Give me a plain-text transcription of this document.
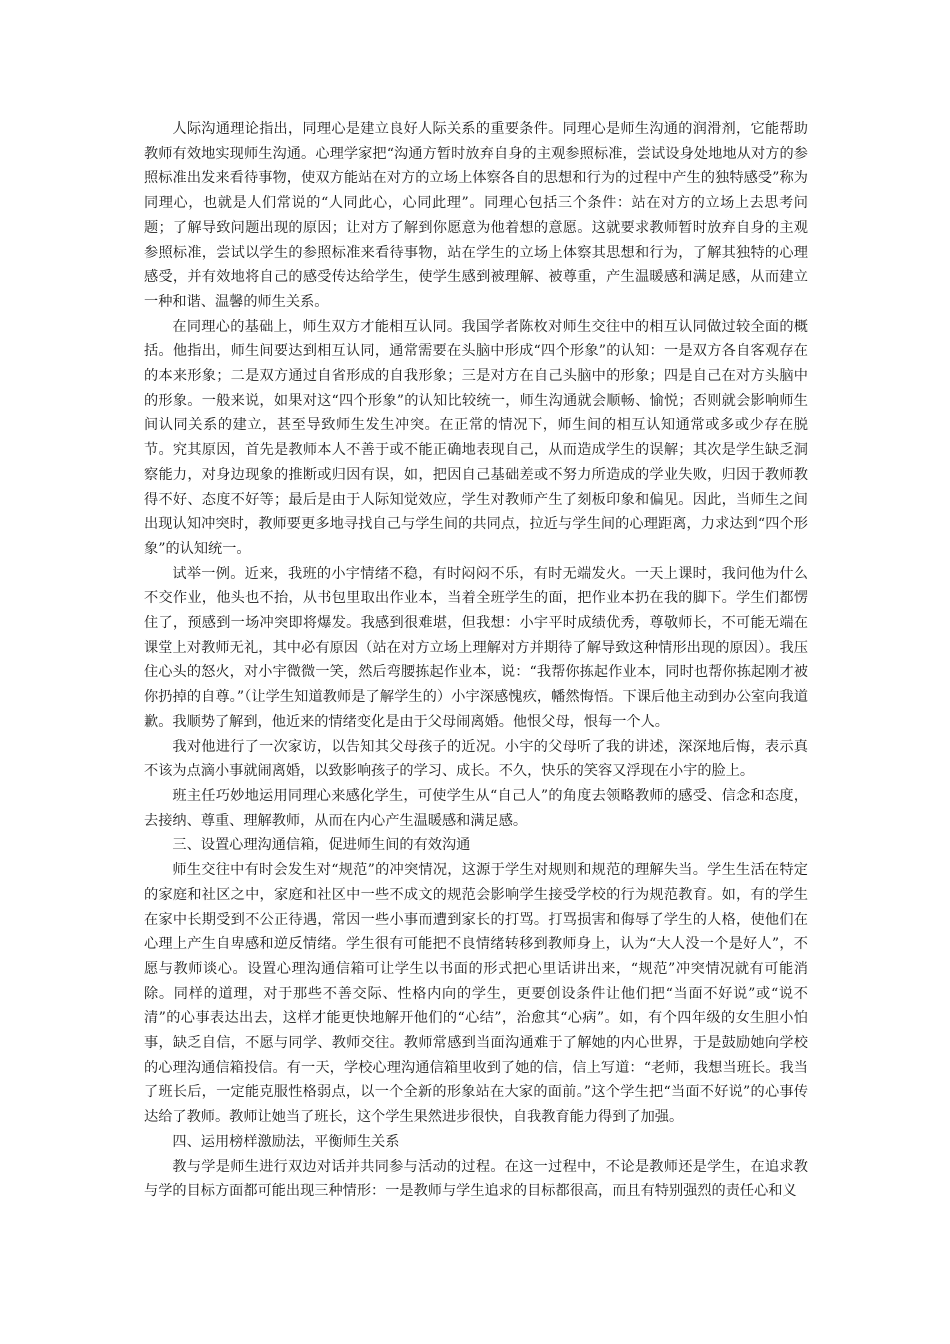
人际沟通理论指出，同理心是建立良好人际关系的重要条件。同理心是师生沟通的润滑剂，它能帮助教师有效地实现师生沟通。心理学家把“沟通方暂时放弃自身的主观参照标准，尝试设身处地地从对方的参照标准出发来看待事物，使双方能站在对方的立场上体察各自的思想和行为的过程中产生的独特感受”称为同理心，也就是人们常说的“人同此心，心同此理”。同理心包括三个条件：站在对方的立场上去思考问题；了解导致问题出现的原因；让对方了解到你愿意为他着想的意愿。这就要求教师暂时放弃自身的主观参照标准，尝试以学生的参照标准来看待事物，站在学生的立场上体察其思想和行为，了解其独特的心理感受，并有效地将自己的感受传达给学生，使学生感到被理解、被尊重，产生温暖感和满足感，从而建立一种和谐、温馨的师生关系。

在同理心的基础上，师生双方才能相互认同。我国学者陈枚对师生交往中的相互认同做过较全面的概括。他指出，师生间要达到相互认同，通常需要在头脑中形成“四个形象”的认知：一是双方各自客观存在的本来形象；二是双方通过自省形成的自我形象；三是对方在自己头脑中的形象；四是自己在对方头脑中的形象。一般来说，如果对这“四个形象”的认知比较统一，师生沟通就会顺畅、愉悦；否则就会影响师生间认同关系的建立，甚至导致师生发生冲突。在正常的情况下，师生间的相互认知通常或多或少存在脱节。究其原因，首先是教师本人不善于或不能正确地表现自己，从而造成学生的误解；其次是学生缺乏洞察能力，对身边现象的推断或归因有误，如，把因自己基础差或不努力所造成的学业失败，归因于教师教得不好、态度不好等；最后是由于人际知觉效应，学生对教师产生了刻板印象和偏见。因此，当师生之间出现认知冲突时，教师要更多地寻找自己与学生间的共同点，拉近与学生间的心理距离，力求达到“四个形象”的认知统一。

试举一例。近来，我班的小宇情绪不稳，有时闷闷不乐，有时无端发火。一天上课时，我问他为什么不交作业，他头也不抬，从书包里取出作业本，当着全班学生的面，把作业本扔在我的脚下。学生们都愣住了，预感到一场冲突即将爆发。我感到很难堪，但我想：小宇平时成绩优秀，尊敬师长，不可能无端在课堂上对教师无礼，其中必有原因（站在对方立场上理解对方并期待了解导致这种情形出现的原因）。我压住心头的怒火，对小宇微微一笑，然后弯腰拣起作业本，说：“我帮你拣起作业本，同时也帮你拣起刚才被你扔掉的自尊。”（让学生知道教师是了解学生的）小宇深感愧疚，幡然悔悟。下课后他主动到办公室向我道歉。我顺势了解到，他近来的情绪变化是由于父母闹离婚。他恨父母，恨每一个人。

我对他进行了一次家访，以告知其父母孩子的近况。小宇的父母听了我的讲述，深深地后悔，表示真不该为点滴小事就闹离婚，以致影响孩子的学习、成长。不久，快乐的笑容又浮现在小宇的脸上。

班主任巧妙地运用同理心来感化学生，可使学生从“自己人”的角度去领略教师的感受、信念和态度，去接纳、尊重、理解教师，从而在内心产生温暖感和满足感。

三、设置心理沟通信箱，促进师生间的有效沟通

师生交往中有时会发生对“规范”的冲突情况，这源于学生对规则和规范的理解失当。学生生活在特定的家庭和社区之中，家庭和社区中一些不成文的规范会影响学生接受学校的行为规范教育。如，有的学生在家中长期受到不公正待遇，常因一些小事而遭到家长的打骂。打骂损害和侮辱了学生的人格，使他们在心理上产生自卑感和逆反情绪。学生很有可能把不良情绪转移到教师身上，认为“大人没一个是好人”，不愿与教师谈心。设置心理沟通信箱可让学生以书面的形式把心里话讲出来，“规范”冲突情况就有可能消除。同样的道理，对于那些不善交际、性格内向的学生，更要创设条件让他们把“当面不好说”或“说不清”的心事表达出去，这样才能更快地解开他们的“心结”，治愈其“心病”。如，有个四年级的女生胆小怕事，缺乏自信，不愿与同学、教师交往。教师常感到当面沟通难于了解她的内心世界，于是鼓励她向学校的心理沟通信箱投信。有一天，学校心理沟通信箱里收到了她的信，信上写道：“老师，我想当班长。我当了班长后，一定能克服性格弱点，以一个全新的形象站在大家的面前。”这个学生把“当面不好说”的心事传达给了教师。教师让她当了班长，这个学生果然进步很快，自我教育能力得到了加强。

四、运用榜样激励法，平衡师生关系

教与学是师生进行双边对话并共同参与活动的过程。在这一过程中，不论是教师还是学生，在追求教与学的目标方面都可能出现三种情形：一是教师与学生追求的目标都很高，而且有特别强烈的责任心和义
